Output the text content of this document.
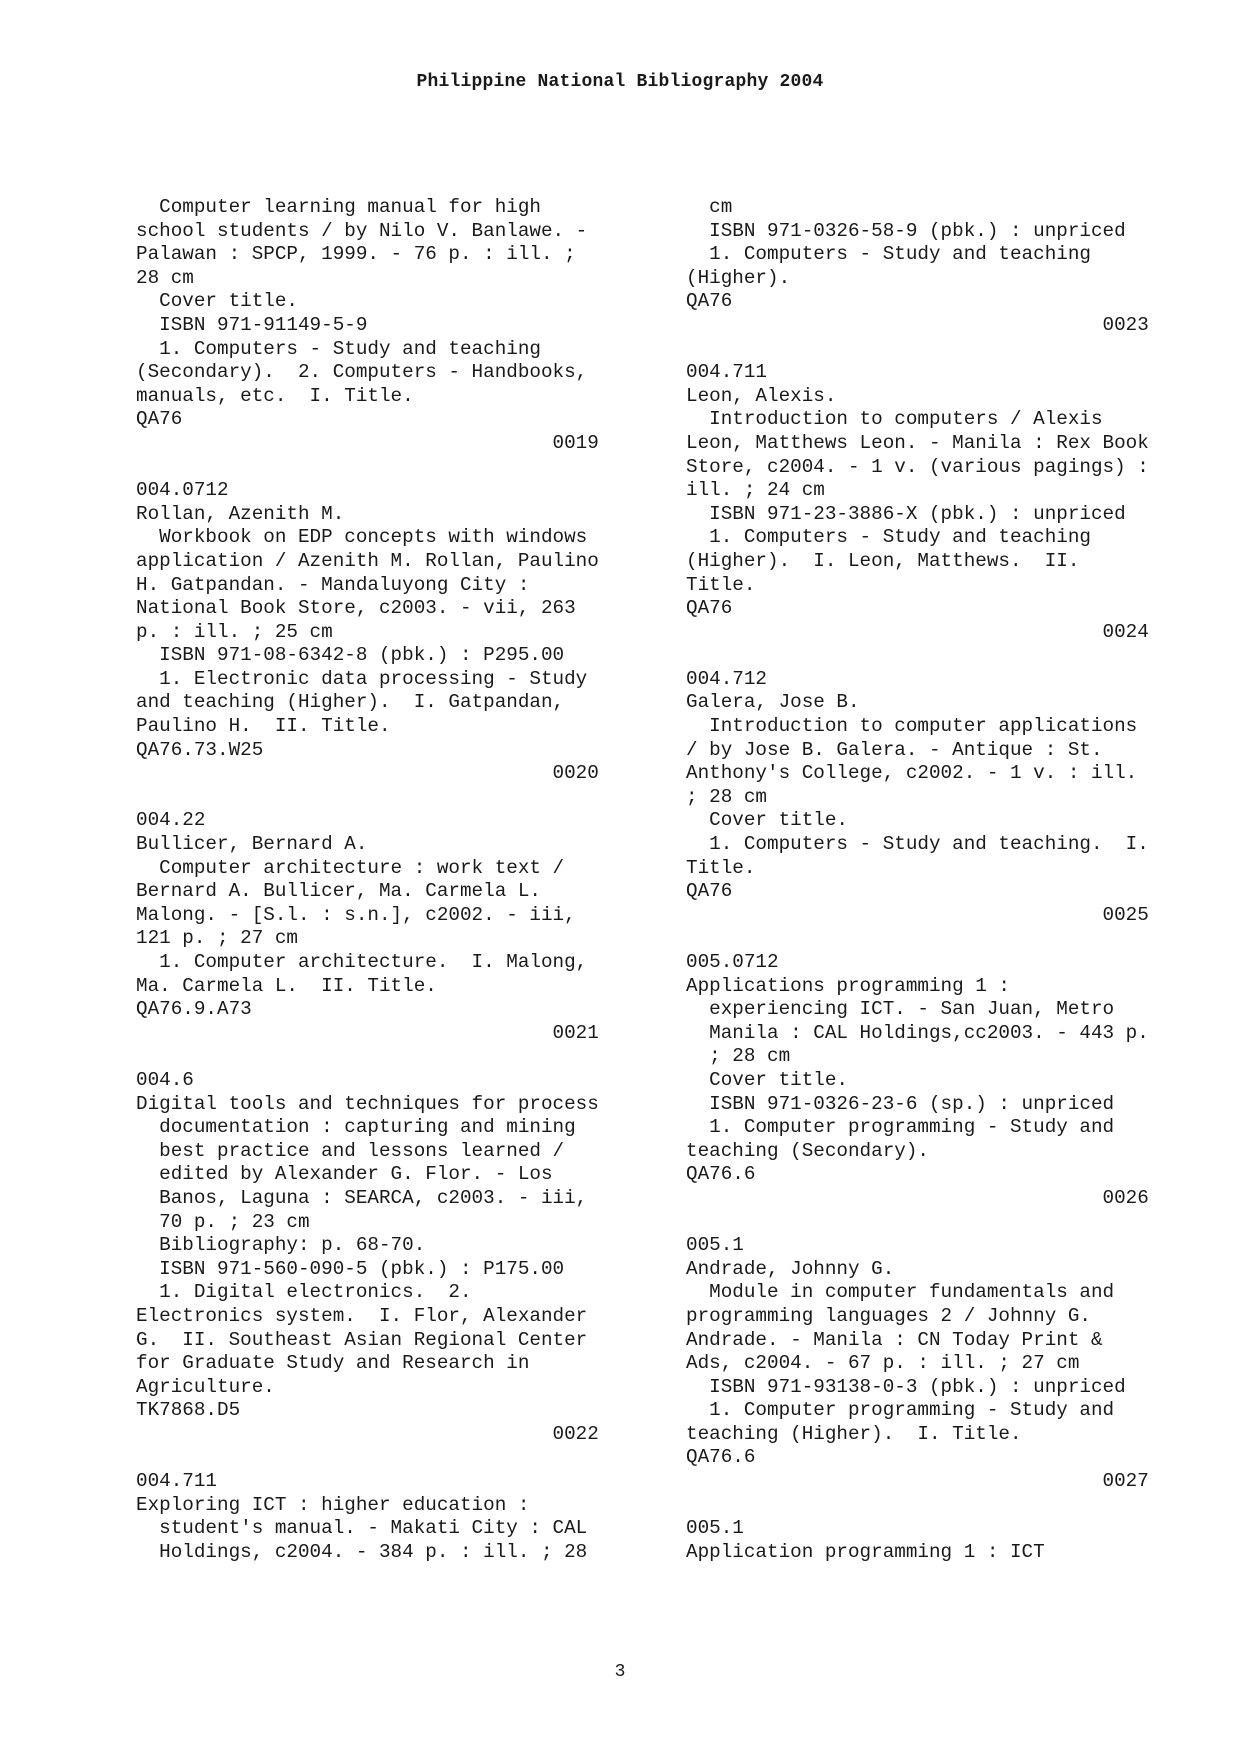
Philippine National Bibliography 2004
Computer learning manual for high
school students / by Nilo V. Banlawe. -
Palawan : SPCP, 1999. - 76 p. : ill. ;
28 cm
Cover title.
ISBN 971-91149-5-9
1. Computers - Study and teaching
(Secondary).  2. Computers - Handbooks,
manuals, etc.  I. Title.
QA76
0019
004.0712
Rollan, Azenith M.
Workbook on EDP concepts with windows
application / Azenith M. Rollan, Paulino
H. Gatpandan. - Mandaluyong City :
National Book Store, c2003. - vii, 263
p. : ill. ; 25 cm
ISBN 971-08-6342-8 (pbk.) : P295.00
1. Electronic data processing - Study
and teaching (Higher).  I. Gatpandan,
Paulino H.  II. Title.
QA76.73.W25
0020
004.22
Bullicer, Bernard A.
Computer architecture : work text /
Bernard A. Bullicer, Ma. Carmela L.
Malong. - [S.l. : s.n.], c2002. - iii,
121 p. ; 27 cm
1. Computer architecture.  I. Malong,
Ma. Carmela L.  II. Title.
QA76.9.A73
0021
004.6
Digital tools and techniques for process
documentation : capturing and mining
best practice and lessons learned /
edited by Alexander G. Flor. - Los
Banos, Laguna : SEARCA, c2003. - iii,
70 p. ; 23 cm
Bibliography: p. 68-70.
ISBN 971-560-090-5 (pbk.) : P175.00
1. Digital electronics.  2.
Electronics system.  I. Flor, Alexander
G.  II. Southeast Asian Regional Center
for Graduate Study and Research in
Agriculture.
TK7868.D5
0022
004.711
Exploring ICT : higher education :
student's manual. - Makati City : CAL
Holdings, c2004. - 384 p. : ill. ; 28
cm
ISBN 971-0326-58-9 (pbk.) : unpriced
1. Computers - Study and teaching
(Higher).
QA76
0023
004.711
Leon, Alexis.
Introduction to computers / Alexis
Leon, Matthews Leon. - Manila : Rex Book
Store, c2004. - 1 v. (various pagings) :
ill. ; 24 cm
ISBN 971-23-3886-X (pbk.) : unpriced
1. Computers - Study and teaching
(Higher).  I. Leon, Matthews.  II.
Title.
QA76
0024
004.712
Galera, Jose B.
Introduction to computer applications
/ by Jose B. Galera. - Antique : St.
Anthony's College, c2002. - 1 v. : ill.
; 28 cm
Cover title.
1. Computers - Study and teaching.  I.
Title.
QA76
0025
005.0712
Applications programming 1 :
experiencing ICT. - San Juan, Metro
Manila : CAL Holdings,cc2003. - 443 p.
; 28 cm
Cover title.
ISBN 971-0326-23-6 (sp.) : unpriced
1. Computer programming - Study and
teaching (Secondary).
QA76.6
0026
005.1
Andrade, Johnny G.
Module in computer fundamentals and
programming languages 2 / Johnny G.
Andrade. - Manila : CN Today Print &
Ads, c2004. - 67 p. : ill. ; 27 cm
ISBN 971-93138-0-3 (pbk.) : unpriced
1. Computer programming - Study and
teaching (Higher).  I. Title.
QA76.6
0027
005.1
Application programming 1 : ICT
3
